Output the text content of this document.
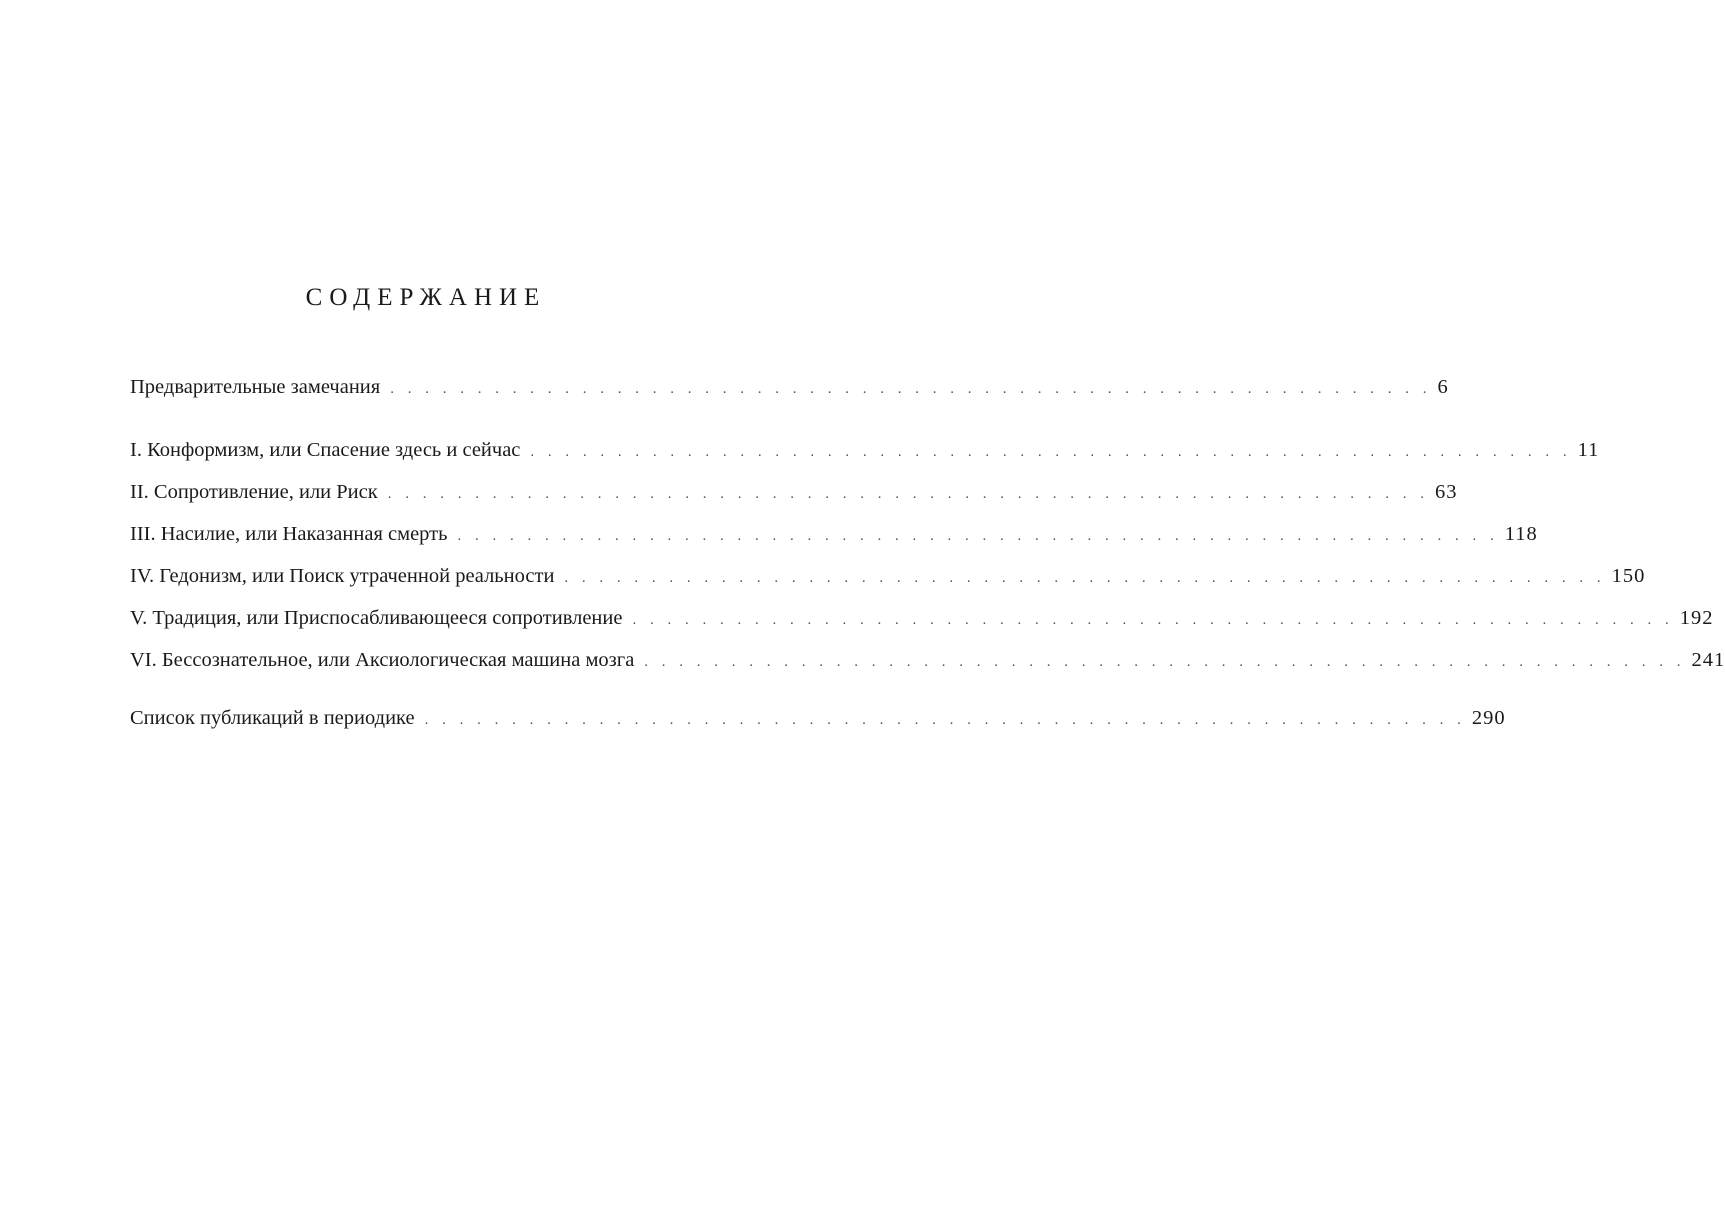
СОДЕРЖАНИЕ
Предварительные замечания . . . . . . . . . . . . . . . . . . . . . . . . . . . . . . . . . . . . . . . . . . . . . . . . . . . . . . . . . . . . 6
I. Конформизм, или Спасение здесь и сейчас . . . . . . . . . . . . . . . . . . . . . . . . . . . . . . . . . . . . . . . . . . . . . . . . . . . . . . . . . . . . 11
II. Сопротивление, или Риск . . . . . . . . . . . . . . . . . . . . . . . . . . . . . . . . . . . . . . . . . . . . . . . . . . . . . . . . . . . . 63
III. Насилие, или Наказанная смерть . . . . . . . . . . . . . . . . . . . . . . . . . . . . . . . . . . . . . . . . . . . . . . . . . . . . . . . . . . . . 118
IV. Гедонизм, или Поиск утраченной реальности . . . . . . . . . . . . . . . . . . . . . . . . . . . . . . . . . . . . . . . . . . . . . . . . . . . . . . . . . . . . 150
V. Традиция, или Приспосабливающееся сопротивление . . . . . . . . . . . . . . . . . . . . . . . . . . . . . . . . . . . . . . . . . . . . . . . . . . . . . . . . . . . . 192
VI. Бессознательное, или Аксиологическая машина мозга . . . . . . . . . . . . . . . . . . . . . . . . . . . . . . . . . . . . . . . . . . . . . . . . . . . . . . . . . . . . 241
Список публикаций в периодике . . . . . . . . . . . . . . . . . . . . . . . . . . . . . . . . . . . . . . . . . . . . . . . . . . . . . . . . . . . . 290
